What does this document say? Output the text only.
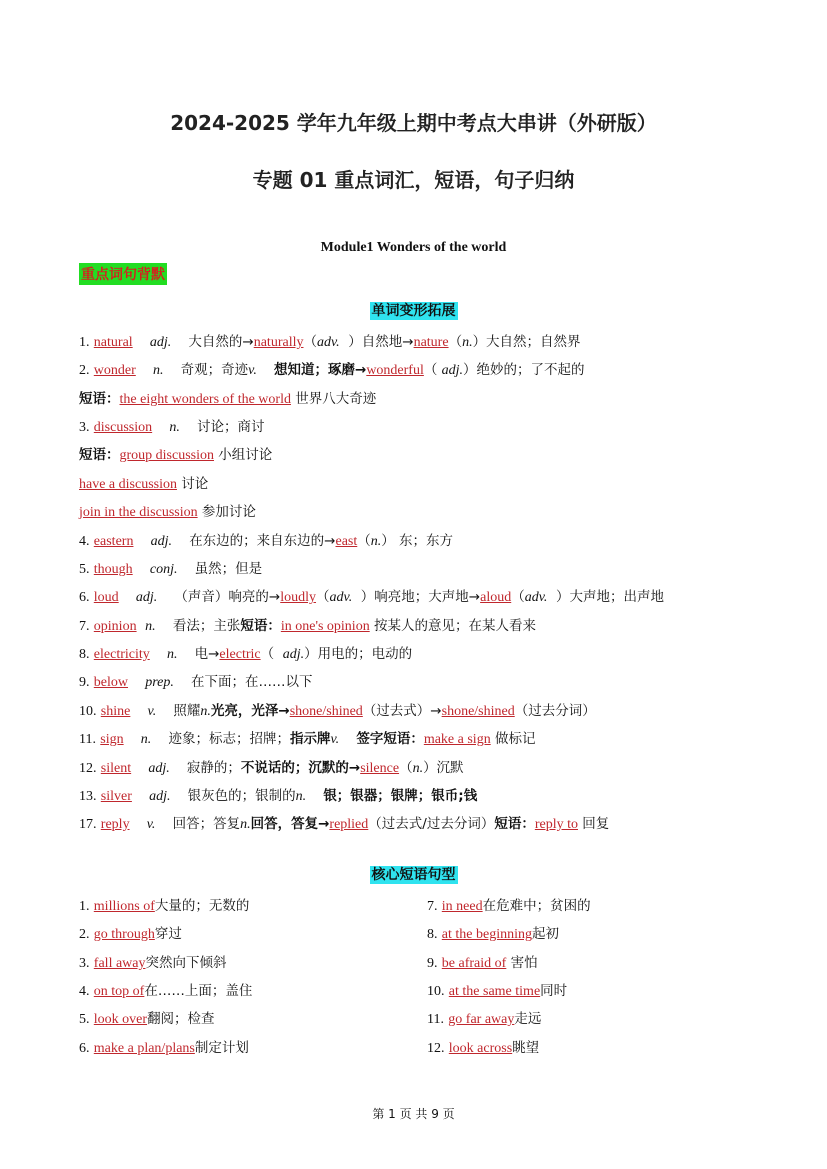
2024-2025 学年九年级上期中考点大串讲（外研版）
专题 01 重点词汇，短语，句子归纳
Module1 Wonders of the world
重点词句背默
单词变形拓展
1. natural adj. 大自然的→naturally（adv. ）自然地→nature（n.）大自然；自然界
2. wonder n. 奇观；奇迹v. 想知道；琢磨→wonderful（ adj.）绝妙的；了不起的
短语：the eight wonders of the world 世界八大奇迹
3. discussion n. 讨论；商讨
短语：group discussion 小组讨论
have a discussion 讨论
join in the discussion 参加讨论
4. eastern adj. 在东边的；来自东边的→east（n.） 东；东方
5. though conj. 虽然；但是
6. loud adj. （声音）响亮的→loudly（adv. ）响亮地；大声地→aloud（adv. ）大声地；出声地
7. opinion n. 看法；主张短语：in one's opinion 按某人的意见；在某人看来
8. electricity n. 电→electric（ adj.）用电的；电动的
9. below prep. 在下面；在……以下
10. shine v. 照耀n.光亮，光泽→shone/shined（过去式）→shone/shined（过去分词）
11. sign n. 迹象；标志；招牌；指示牌v. 签字短语：make a sign 做标记
12. silent adj. 寂静的；不说话的；沉默的→silence（n.）沉默
13. silver adj. 银灰色的；银制的n. 银；银器；银牌；银币;钱
17. reply v. 回答；答复n.回答，答复→replied（过去式/过去分词）短语：reply to 回复
核心短语句型
1. millions of大量的；无数的
2. go through穿过
3. fall away突然向下倾斜
4. on top of在……上面；盖住
5. look over翻阅；检查
6. make a plan/plans制定计划
7. in need在危难中；贫困的
8. at the beginning起初
9. be afraid of 害怕
10. at the same time同时
11. go far away走远
12. look across眺望
第 1 页 共 9 页
